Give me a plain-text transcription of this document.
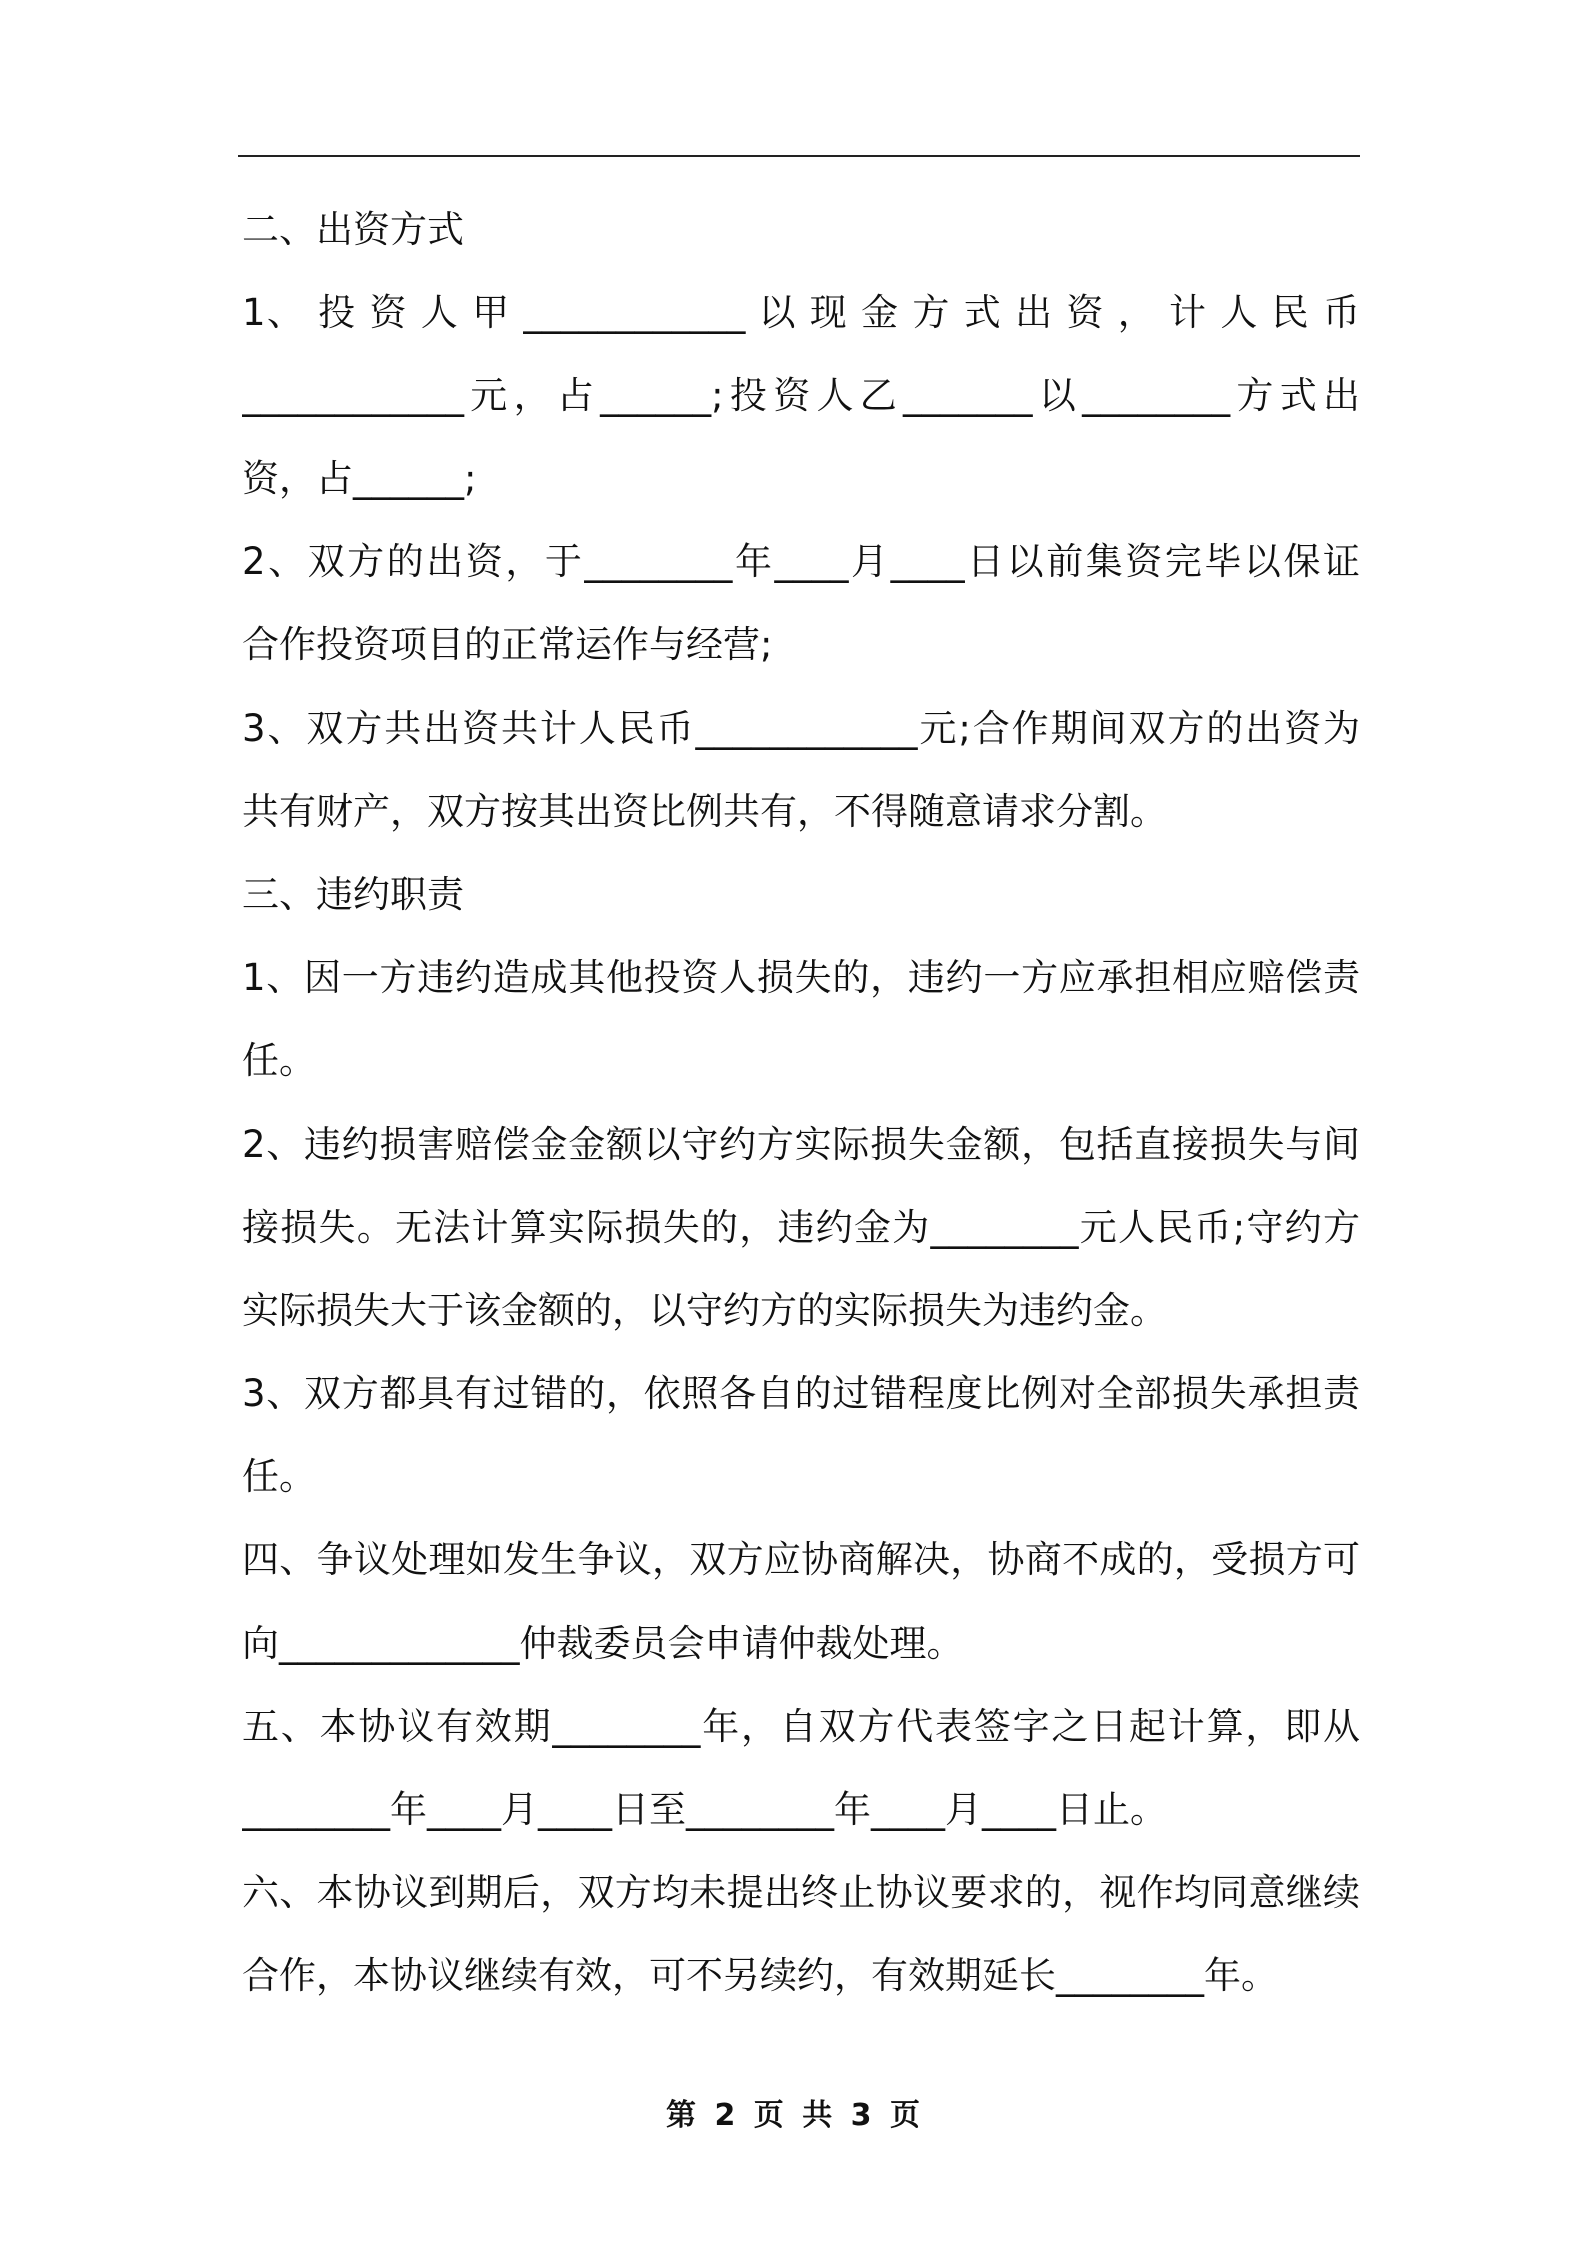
二、出资方式
1、 投 资 人 甲 ____________ 以 现 金 方 式 出 资 ， 计 人 民 币
____________元，占______;投资人乙_______以________方式出
资，占______;
2、双方的出资，于________年____月____日以前集资完毕以保证
合作投资项目的正常运作与经营;
3、双方共出资共计人民币____________元;合作期间双方的出资为
共有财产，双方按其出资比例共有，不得随意请求分割。
三、违约职责
1、因一方违约造成其他投资人损失的，违约一方应承担相应赔偿责
任。
2、违约损害赔偿金金额以守约方实际损失金额，包括直接损失与间
接损失。无法计算实际损失的，违约金为________元人民币;守约方
实际损失大于该金额的，以守约方的实际损失为违约金。
3、双方都具有过错的，依照各自的过错程度比例对全部损失承担责
任。
四、争议处理如发生争议，双方应协商解决，协商不成的，受损方可
向_____________仲裁委员会申请仲裁处理。
五、本协议有效期________年，自双方代表签字之日起计算，即从
________年____月____日至________年____月____日止。
六、本协议到期后，双方均未提出终止协议要求的，视作均同意继续
合作，本协议继续有效，可不另续约，有效期延长________年。
第 2 页 共 3 页
